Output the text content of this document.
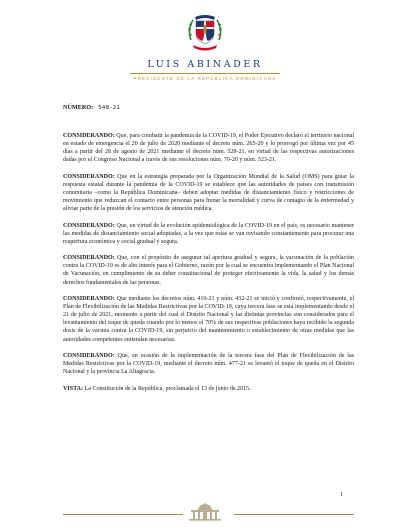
LUIS ABINADER
PRESIDENTE DE LA REPÚBLICA DOMINICANA
NÚMERO: 548-21

CONSIDERANDO: Que, para combatir la pandemia de la COVID-19, el Poder Ejecutivo declaró el territorio nacional en estado de emergencia el 20 de julio de 2020 mediante el decreto núm. 265-20 y lo prorrogó por última vez por 45 días a partir del 28 de agosto de 2021 mediante el decreto núm. 528-21, en virtud de las respectivas autorizaciones dadas por el Congreso Nacional a través de sus resoluciones núm. 70-20 y núm. 323-21.

CONSIDERANDO: Que en la estrategia preparada por la Organización Mundial de la Salud (OMS) para guiar la respuesta estatal durante la pandemia de la COVID-19 se establece que las autoridades de países con transmisión comunitaria –como la República Dominicana– deben adoptar medidas de distanciamiento físico y restricciones de movimiento que reduzcan el contacto entre personas para frenar la mortalidad y curva de contagio de la enfermedad y aliviar parte de la presión de los servicios de atención médica.

CONSIDERANDO: Que, en virtud de la evolución epidemiológica de la COVID-19 en el país, es necesario mantener las medidas de distanciamiento social adoptadas, a la vez que estas se van revisando constantemente para procurar una reapertura económica y social gradual y segura.

CONSIDERANDO: Que, con el propósito de asegurar tal apertura gradual y segura, la vacunación de la población contra la COVID-19 es de alto interés para el Gobierno, razón por la cual se encuentra implementando el Plan Nacional de Vacunación, en cumplimiento de su deber constitucional de proteger efectivamente la vida, la salud y los demás derechos fundamentales de las personas.

CONSIDERANDO: Que mediante los decretos núm. 419-21 y núm. 432-21 se inició y confirmó, respectivamente, el Plan de Flexibilización de las Medidas Restrictivas por la COVID-19, cuya tercera fase se está implementando desde el 21 de julio de 2021, momento a partir del cual el Distrito Nacional y las distintas provincias son considerados para el levantamiento del toque de queda cuando por lo menos el 70% de sus respectivas poblaciones haya recibido la segunda dosis de la vacuna contra la COVID-19, sin perjuicio del mantenimiento o establecimiento de otras medidas que las autoridades competentes entiendan necesarias.

CONSIDERANDO: Que, en ocasión de la implementación de la tercera fase del Plan de Flexibilización de las Medidas Restrictivas por la COVID-19, mediante el decreto núm. 477-21 se levantó el toque de queda en el Distrito Nacional y la provincia La Altagracia.

VISTA: La Constitución de la República, proclamada el 13 de junio de 2015.

1
